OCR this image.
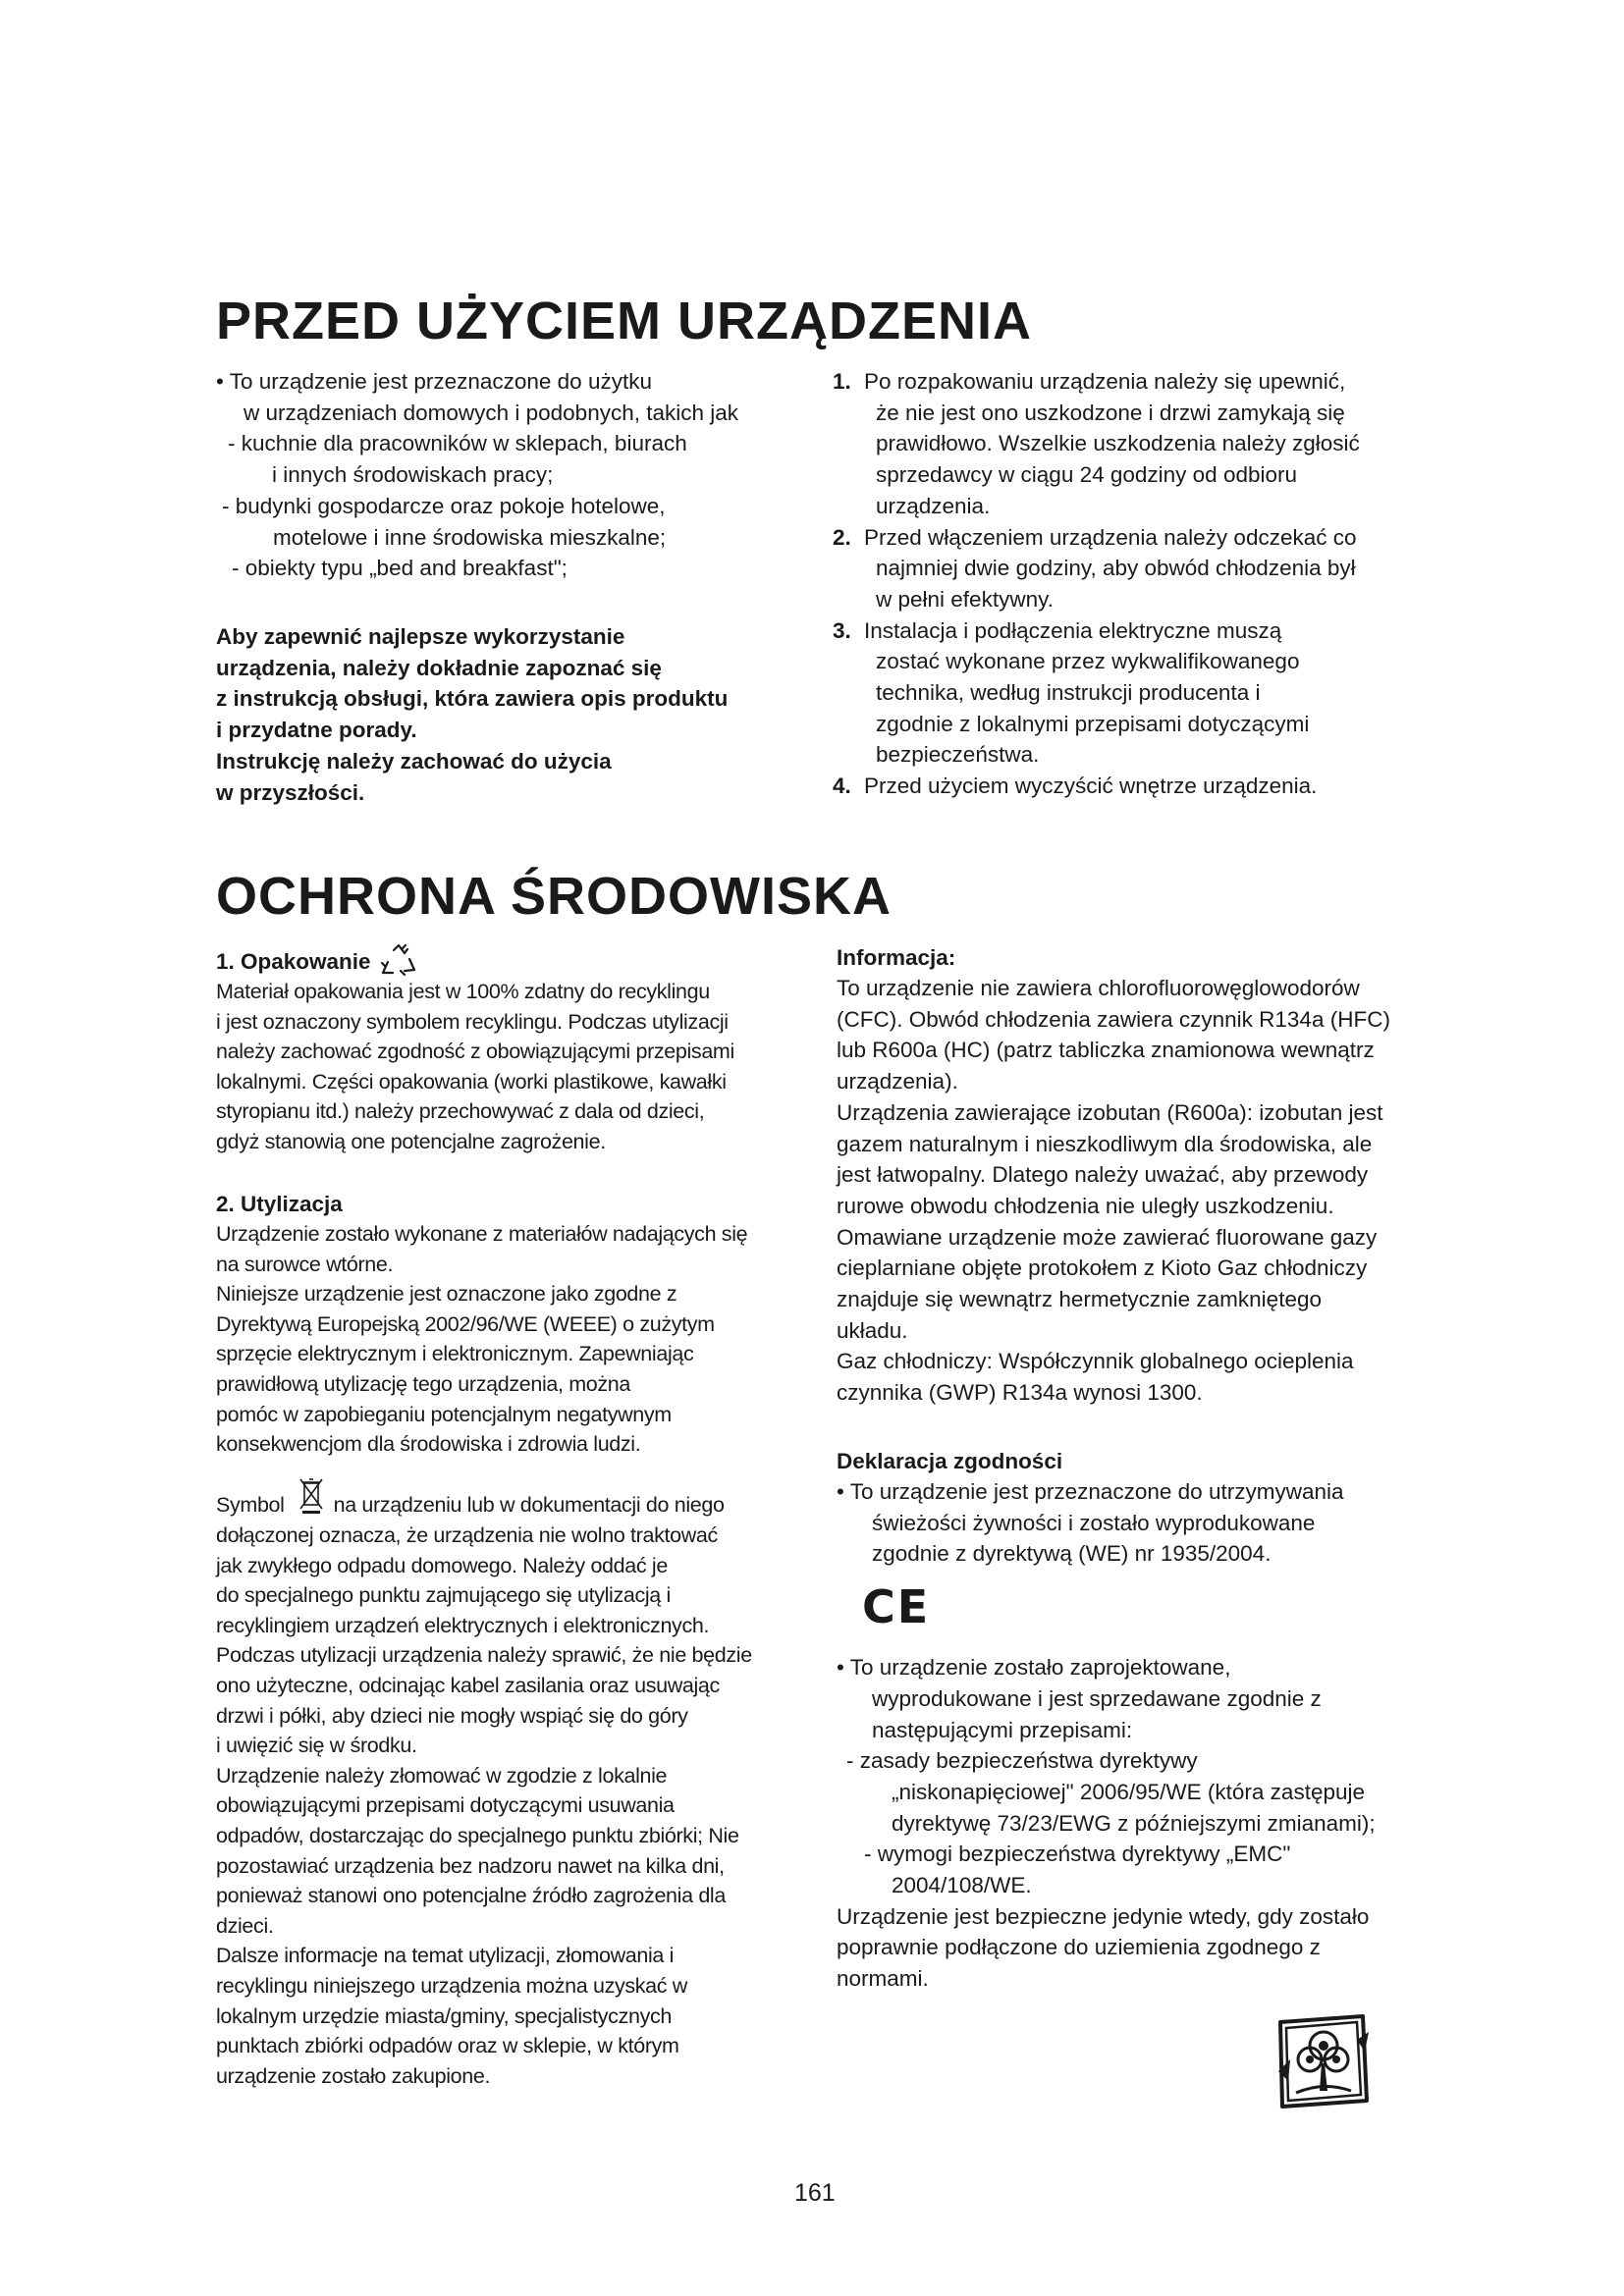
PRZED UŻYCIEM URZĄDZENIA
• To urządzenie jest przeznaczone do użytku
w urządzeniach domowych i podobnych, takich jak
- kuchnie dla pracowników w sklepach, biurach
i innych środowiskach pracy;
- budynki gospodarcze oraz pokoje hotelowe,
motelowe i inne środowiska mieszkalne;
- obiekty typu „bed and breakfast";
Aby zapewnić najlepsze wykorzystanie
urządzenia, należy dokładnie zapoznać się
z instrukcją obsługi, która zawiera opis produktu
i przydatne porady.
Instrukcję należy zachować do użycia
w przyszłości.
1. Po rozpakowaniu urządzenia należy się upewnić,
że nie jest ono uszkodzone i drzwi zamykają się
prawidłowo. Wszelkie uszkodzenia należy zgłosić
sprzedawcy w ciągu 24 godziny od odbioru
urządzenia.
2. Przed włączeniem urządzenia należy odczekać co
najmniej dwie godziny, aby obwód chłodzenia był
w pełni efektywny.
3. Instalacja i podłączenia elektryczne muszą
zostać wykonane przez wykwalifikowanego
technika, według instrukcji producenta i
zgodnie z lokalnymi przepisami dotyczącymi
bezpieczeństwa.
4. Przed użyciem wyczyścić wnętrze urządzenia.
OCHRONA ŚRODOWISKA
1. Opakowanie
Materiał opakowania jest w 100% zdatny do recyklingu
i jest oznaczony symbolem recyklingu. Podczas utylizacji
należy zachować zgodność z obowiązującymi przepisami
lokalnymi. Części opakowania (worki plastikowe, kawałki
styropianu itd.) należy przechowywać z dala od dzieci,
gdyż stanowią one potencjalne zagrożenie.
2. Utylizacja
Urządzenie zostało wykonane z materiałów nadających się
na surowce wtórne.
Niniejsze urządzenie jest oznaczone jako zgodne z
Dyrektywą Europejską 2002/96/WE (WEEE) o zużytym
sprzęcie elektrycznym i elektronicznym. Zapewniając
prawidłową utylizację tego urządzenia, można
pomóc w zapobieganiu potencjalnym negatywnym
konsekwencjom dla środowiska i zdrowia ludzi.
Symbol na urządzeniu lub w dokumentacji do niego
dołączonej oznacza, że urządzenia nie wolno traktować
jak zwykłego odpadu domowego. Należy oddać je
do specjalnego punktu zajmującego się utylizacją i
recyklingiem urządzeń elektrycznych i elektronicznych.
Podczas utylizacji urządzenia należy sprawić, że nie będzie
ono użyteczne, odcinając kabel zasilania oraz usuwając
drzwi i półki, aby dzieci nie mogły wspiąć się do góry
i uwięzić się w środku.
Urządzenie należy złomować w zgodzie z lokalnie
obowiązującymi przepisami dotyczącymi usuwania
odpadów, dostarczając do specjalnego punktu zbiórki; Nie
pozostawiać urządzenia bez nadzoru nawet na kilka dni,
ponieważ stanowi ono potencjalne źródło zagrożenia dla
dzieci.
Dalsze informacje na temat utylizacji, złomowania i
recyklingu niniejszego urządzenia można uzyskać w
lokalnym urzędzie miasta/gminy, specjalistycznych
punktach zbiórki odpadów oraz w sklepie, w którym
urządzenie zostało zakupione.
Informacja:
To urządzenie nie zawiera chlorofluorowęglowodorów
(CFC). Obwód chłodzenia zawiera czynnik R134a (HFC)
lub R600a (HC) (patrz tabliczka znamionowa wewnątrz
urządzenia).
Urządzenia zawierające izobutan (R600a): izobutan jest
gazem naturalnym i nieszkodliwym dla środowiska, ale
jest łatwopalny. Dlatego należy uważać, aby przewody
rurowe obwodu chłodzenia nie uległy uszkodzeniu.
Omawiane urządzenie może zawierać fluorowane gazy
cieplarniane objęte protokołem z Kioto Gaz chłodniczy
znajduje się wewnątrz hermetycznie zamkniętego
układu.
Gaz chłodniczy: Współczynnik globalnego ocieplenia
czynnika (GWP) R134a wynosi 1300.
Deklaracja zgodności
• To urządzenie jest przeznaczone do utrzymywania
świeżości żywności i zostało wyprodukowane
zgodnie z dyrektywą (WE) nr 1935/2004.
CE
• To urządzenie zostało zaprojektowane,
wyprodukowane i jest sprzedawane zgodnie z
następującymi przepisami:
- zasady bezpieczeństwa dyrektywy
„niskonapięciowej" 2006/95/WE (która zastępuje
dyrektywę 73/23/EWG z późniejszymi zmianami);
- wymogi bezpieczeństwa dyrektywy „EMC"
2004/108/WE.
Urządzenie jest bezpieczne jedynie wtedy, gdy zostało
poprawnie podłączone do uziemienia zgodnego z
normami.
161
